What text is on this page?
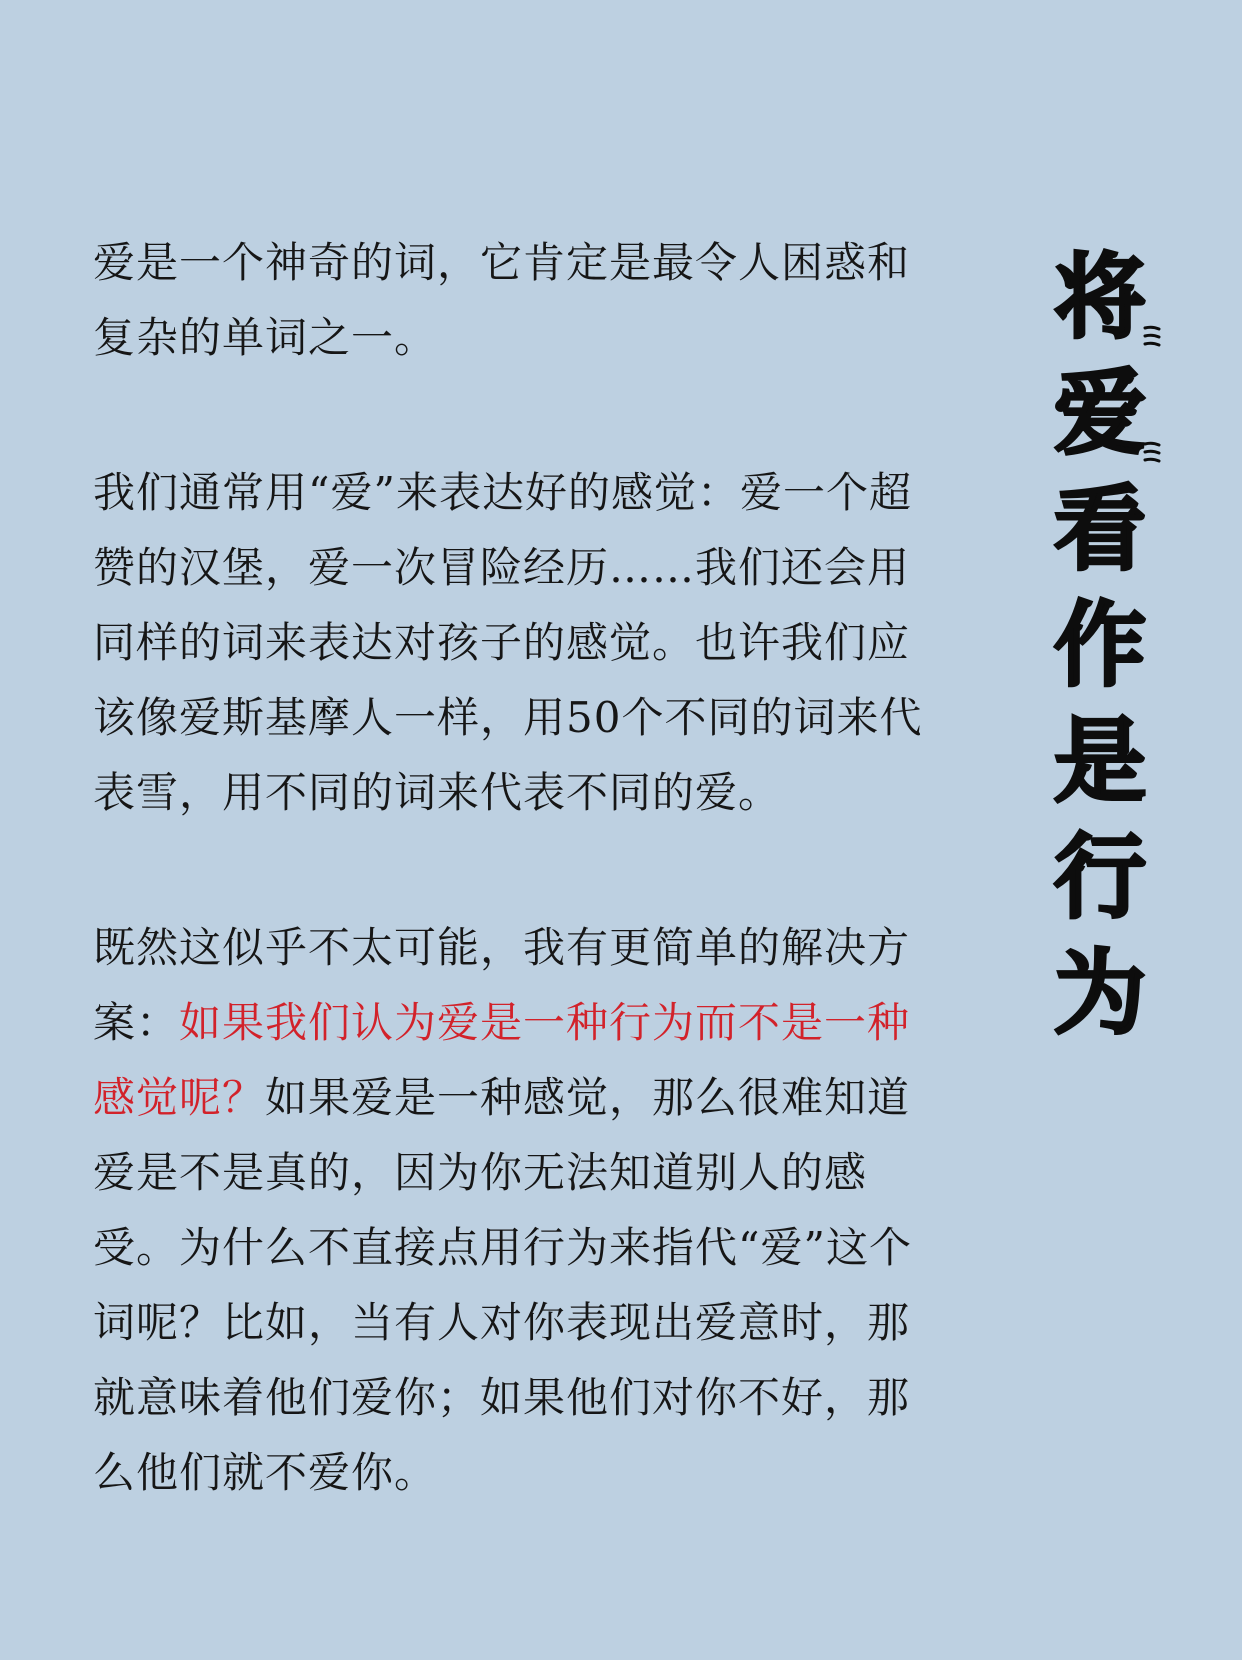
爱是一个神奇的词，它肯定是最令人困惑和
复杂的单词之一。

我们通常用“爱”来表达好的感觉：爱一个超
赞的汉堡，爱一次冒险经历……我们还会用
同样的词来表达对孩子的感觉。也许我们应
该像爱斯基摩人一样，用50个不同的词来代
表雪，用不同的词来代表不同的爱。

既然这似乎不太可能，我有更简单的解决方
案：如果我们认为爱是一种行为而不是一种
感觉呢？如果爱是一种感觉，那么很难知道
爱是不是真的，因为你无法知道别人的感
受。为什么不直接点用行为来指代“爱”这个
词呢？比如，当有人对你表现出爱意时，那
就意味着他们爱你；如果他们对你不好，那
么他们就不爱你。

将
爱
看
作
是
行
为
